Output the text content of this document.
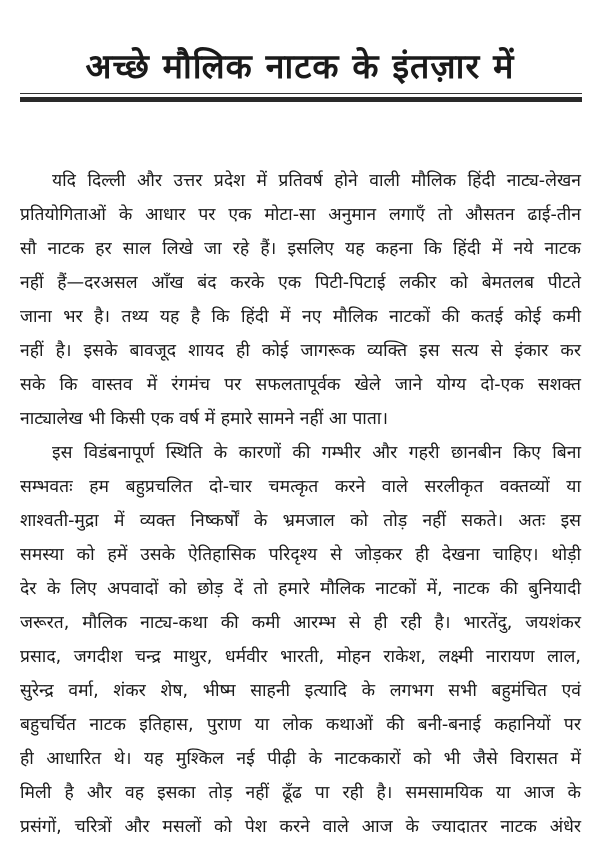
अच्छे मौलिक नाटक के इंतज़ार में
यदि दिल्ली और उत्तर प्रदेश में प्रतिवर्ष होने वाली मौलिक हिंदी नाट्य-लेखन
प्रतियोगिताओं के आधार पर एक मोटा-सा अनुमान लगाएँ तो औसतन ढाई-तीन
सौ नाटक हर साल लिखे जा रहे हैं। इसलिए यह कहना कि हिंदी में नये नाटक
नहीं हैं—दरअसल आँख बंद करके एक पिटी-पिटाई लकीर को बेमतलब पीटते
जाना भर है। तथ्य यह है कि हिंदी में नए मौलिक नाटकों की कतई कोई कमी
नहीं है। इसके बावजूद शायद ही कोई जागरूक व्यक्ति इस सत्य से इंकार कर
सके कि वास्तव में रंगमंच पर सफलतापूर्वक खेले जाने योग्य दो-एक सशक्त
नाट्यालेख भी किसी एक वर्ष में हमारे सामने नहीं आ पाता।
इस विडंबनापूर्ण स्थिति के कारणों की गम्भीर और गहरी छानबीन किए बिना
सम्भवतः हम बहुप्रचलित दो-चार चमत्कृत करने वाले सरलीकृत वक्तव्यों या
शाश्वती-मुद्रा में व्यक्त निष्कर्षों के भ्रमजाल को तोड़ नहीं सकते। अतः इस
समस्या को हमें उसके ऐतिहासिक परिदृश्य से जोड़कर ही देखना चाहिए। थोड़ी
देर के लिए अपवादों को छोड़ दें तो हमारे मौलिक नाटकों में, नाटक की बुनियादी
जरूरत, मौलिक नाट्य-कथा की कमी आरम्भ से ही रही है। भारतेंदु, जयशंकर
प्रसाद, जगदीश चन्द्र माथुर, धर्मवीर भारती, मोहन राकेश, लक्ष्मी नारायण लाल,
सुरेन्द्र वर्मा, शंकर शेष, भीष्म साहनी इत्यादि के लगभग सभी बहुमंचित एवं
बहुचर्चित नाटक इतिहास, पुराण या लोक कथाओं की बनी-बनाई कहानियों पर
ही आधारित थे। यह मुश्किल नई पीढ़ी के नाटककारों को भी जैसे विरासत में
मिली है और वह इसका तोड़ नहीं ढूँढ पा रही है। समसामयिक या आज के
प्रसंगों, चरित्रों और मसलों को पेश करने वाले आज के ज्यादातर नाटक अंधेर
